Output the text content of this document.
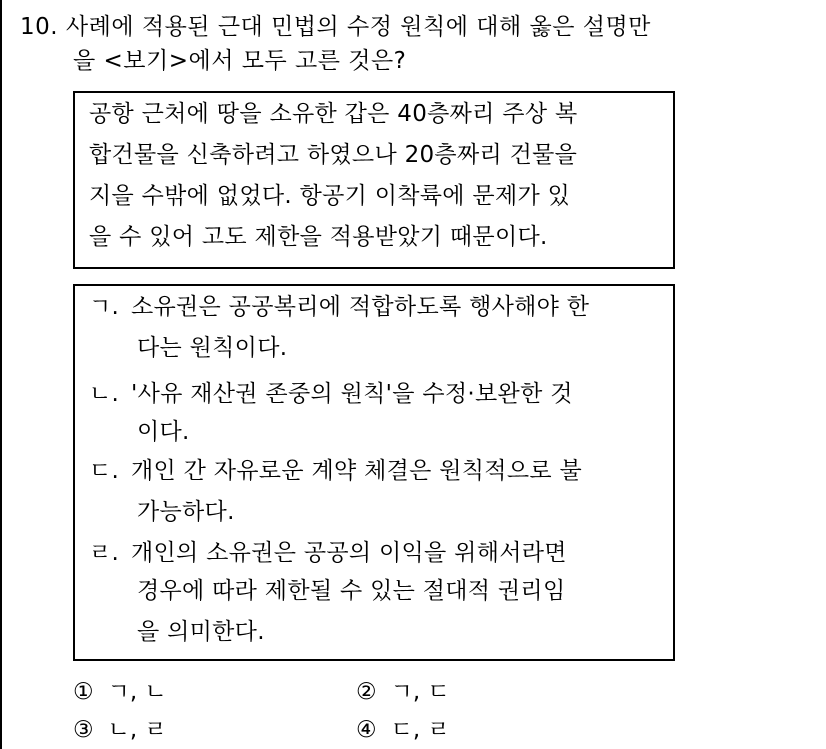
10. 사례에 적용된 근대 민법의 수정 원칙에 대해 옳은 설명만
을 <보기>에서 모두 고른 것은?
공항 근처에 땅을 소유한 갑은 40층짜리 주상 복
합건물을 신축하려고 하였으나 20층짜리 건물을
지을 수밖에 없었다. 항공기 이착륙에 문제가 있
을 수 있어 고도 제한을 적용받았기 때문이다.
ㄱ. 소유권은 공공복리에 적합하도록 행사해야 한
다는 원칙이다.
ㄴ. '사유 재산권 존중의 원칙'을 수정·보완한 것
이다.
ㄷ. 개인 간 자유로운 계약 체결은 원칙적으로 불
가능하다.
ㄹ. 개인의 소유권은 공공의 이익을 위해서라면
경우에 따라 제한될 수 있는 절대적 권리임
을 의미한다.
① ㄱ, ㄴ	② ㄱ, ㄷ
③ ㄴ, ㄹ	④ ㄷ, ㄹ
